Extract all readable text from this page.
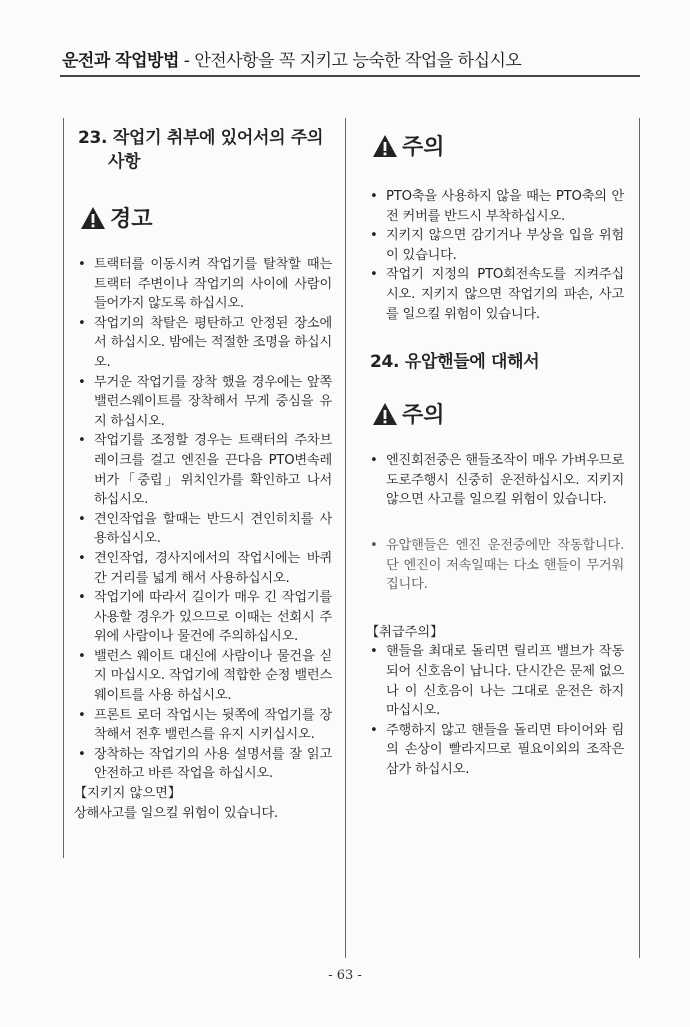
운전과 작업방법 - 안전사항을 꼭 지키고 능숙한 작업을 하십시오
23. 작업기 취부에 있어서의 주의사항
경고
• 트랙터를 이동시켜 작업기를 탈착할 때는 트랙터 주변이나 작업기의 사이에 사람이 들어가지 않도록 하십시오.
• 작업기의 착탈은 평탄하고 안정된 장소에서 하십시오. 밤에는 적절한 조명을 하십시오.
• 무거운 작업기를 장착 했을 경우에는 앞쪽 밸런스웨이트를 장착해서 무게 중심을 유지 하십시오.
• 작업기를 조정할 경우는 트랙터의 주차브레이크를 걸고 엔진을 끈다음 PTO변속레버가「중립」위치인가를 확인하고 나서 하십시오.
• 견인작업을 할때는 반드시 견인히치를 사용하십시오.
• 견인작업, 경사지에서의 작업시에는 바퀴간 거리를 넓게 해서 사용하십시오.
• 작업기에 따라서 길이가 매우 긴 작업기를 사용할 경우가 있으므로 이때는 선회시 주위에 사람이나 물건에 주의하십시오.
• 밸런스 웨이트 대신에 사람이나 물건을 싣지 마십시오. 작업기에 적합한 순정 밸런스 웨이트를 사용 하십시오.
• 프론트 로더 작업시는 뒷쪽에 작업기를 장착해서 전후 밸런스를 유지 시키십시오.
• 장착하는 작업기의 사용 설명서를 잘 읽고 안전하고 바른 작업을 하십시오.
【지키지 않으면】
상해사고를 일으킬 위험이 있습니다.
주의
• PTO축을 사용하지 않을 때는 PTO축의 안전 커버를 반드시 부착하십시오.
• 지키지 않으면 감기거나 부상을 입을 위험이 있습니다.
• 작업기 지정의 PTO회전속도를 지켜주십시오. 지키지 않으면 작업기의 파손, 사고를 일으킬 위험이 있습니다.
24. 유압핸들에 대해서
주의
• 엔진회전중은 핸들조작이 매우 가벼우므로 도로주행시 신중히 운전하십시오. 지키지 않으면 사고를 일으킬 위험이 있습니다.
• 유압핸들은 엔진 운전중에만 작동합니다. 단 엔진이 저속일때는 다소 핸들이 무거워집니다.
【취급주의】
• 핸들을 최대로 돌리면 릴리프 밸브가 작동되어 신호음이 납니다. 단시간은 문제 없으나 이 신호음이 나는 그대로 운전은 하지 마십시오.
• 주행하지 않고 핸들을 돌리면 타이어와 림의 손상이 빨라지므로 필요이외의 조작은 삼가 하십시오.
- 63 -
